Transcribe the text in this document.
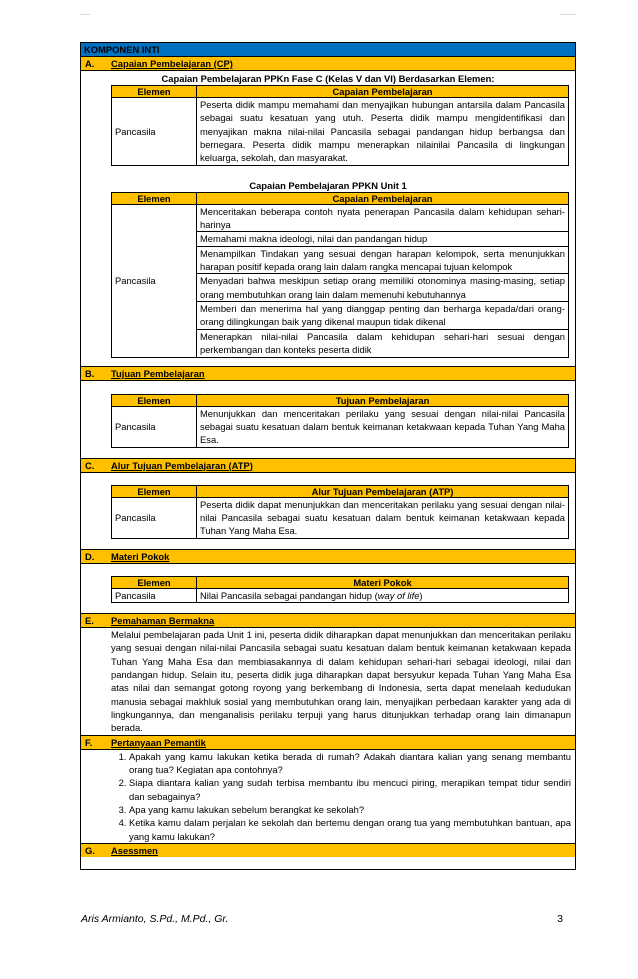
KOMPONEN INTI
A.	Capaian Pembelajaran (CP)
Capaian Pembelajaran PPKn Fase C (Kelas V dan VI) Berdasarkan Elemen:
Elemen	Capaian Pembelajaran
Pancasila	Peserta didik mampu memahami dan menyajikan hubungan antarsila dalam Pancasila sebagai suatu kesatuan yang utuh. Peserta didik mampu mengidentifikasi dan menyajikan makna nilai-nilai Pancasila sebagai pandangan hidup berbangsa dan bernegara. Peserta didik mampu menerapkan nilainilai Pancasila di lingkungan keluarga, sekolah, dan masyarakat.
Capaian Pembelajaran PPKN Unit 1
Elemen	Capaian Pembelajaran
Pancasila	Menceritakan beberapa contoh nyata penerapan Pancasila dalam kehidupan sehari-harinya
	Memahami makna ideologi, nilai dan pandangan hidup
	Menampilkan Tindakan yang sesuai dengan harapan kelompok, serta menunjukkan harapan positif kepada orang lain dalam rangka mencapai tujuan kelompok
	Menyadari bahwa meskipun setiap orang memiliki otonominya masing-masing, setiap orang membutuhkan orang lain dalam memenuhi kebutuhannya
	Memberi dan menerima hal yang dianggap penting dan berharga kepada/dari orang-orang dilingkungan baik yang dikenal maupun tidak dikenal
	Menerapkan nilai-nilai Pancasila dalam kehidupan sehari-hari sesuai dengan perkembangan dan konteks peserta didik
B.	Tujuan Pembelajaran
Elemen	Tujuan Pembelajaran
Pancasila	Menunjukkan dan menceritakan perilaku yang sesuai dengan nilai-nilai Pancasila sebagai suatu kesatuan dalam bentuk keimanan ketakwaan kepada Tuhan Yang Maha Esa.
C.	Alur Tujuan Pembelajaran (ATP)
Elemen	Alur Tujuan Pembelajaran (ATP)
Pancasila	Peserta didik dapat menunjukkan dan menceritakan perilaku yang sesuai dengan nilai-nilai Pancasila sebagai suatu kesatuan dalam bentuk keimanan ketakwaan kepada Tuhan Yang Maha Esa.
D.	Materi Pokok
Elemen	Materi Pokok
Pancasila	Nilai Pancasila sebagai pandangan hidup (way of life)
E.	Pemahaman Bermakna
Melalui pembelajaran pada Unit 1 ini, peserta didik diharapkan dapat menunjukkan dan menceritakan perilaku yang sesuai dengan nilai-nilai Pancasila sebagai suatu kesatuan dalam bentuk keimanan ketakwaan kepada Tuhan Yang Maha Esa dan membiasakannya di dalam kehidupan sehari-hari sebagai ideologi, nilai dan pandangan hidup. Selain itu, peserta didik juga diharapkan dapat bersyukur kepada Tuhan Yang Maha Esa atas nilai dan semangat gotong royong yang berkembang di Indonesia, serta dapat menelaah kedudukan manusia sebagai makhluk sosial yang membutuhkan orang lain, menyajikan perbedaan karakter yang ada di lingkungannya, dan menganalisis perilaku terpuji yang harus ditunjukkan terhadap orang lain dimanapun berada.
F.	Pertanyaan Pemantik
1. Apakah yang kamu lakukan ketika berada di rumah? Adakah diantara kalian yang senang membantu orang tua? Kegiatan apa contohnya?
2. Siapa diantara kalian yang sudah terbisa membantu ibu mencuci piring, merapikan tempat tidur sendiri dan sebagainya?
3. Apa yang kamu lakukan sebelum berangkat ke sekolah?
4. Ketika kamu dalam perjalan ke sekolah dan bertemu dengan orang tua yang membutuhkan bantuan, apa yang kamu lakukan?
G.	Asessmen
Aris Armianto, S.Pd., M.Pd., Gr.	3
